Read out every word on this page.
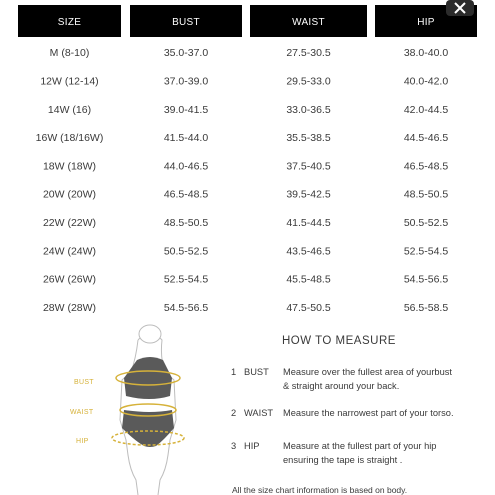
SIZE	BUST	WAIST	HIP
M (8-10)	35.0-37.0	27.5-30.5	38.0-40.0
12W (12-14)	37.0-39.0	29.5-33.0	40.0-42.0
14W (16)	39.0-41.5	33.0-36.5	42.0-44.5
16W (18/16W)	41.5-44.0	35.5-38.5	44.5-46.5
18W (18W)	44.0-46.5	37.5-40.5	46.5-48.5
20W (20W)	46.5-48.5	39.5-42.5	48.5-50.5
22W (22W)	48.5-50.5	41.5-44.5	50.5-52.5
24W (24W)	50.5-52.5	43.5-46.5	52.5-54.5
26W (26W)	52.5-54.5	45.5-48.5	54.5-56.5
28W (28W)	54.5-56.5	47.5-50.5	56.5-58.5
BUST
WAIST
HIP
HOW TO MEASURE
1 BUST Measure over the fullest area of yourbust
& straight around your back.
2 WAIST Measure the narrowest part of your torso.
3 HIP	Measure at the fullest part of your hip
ensuring the tape is straight .
All the size chart information is based on body.
